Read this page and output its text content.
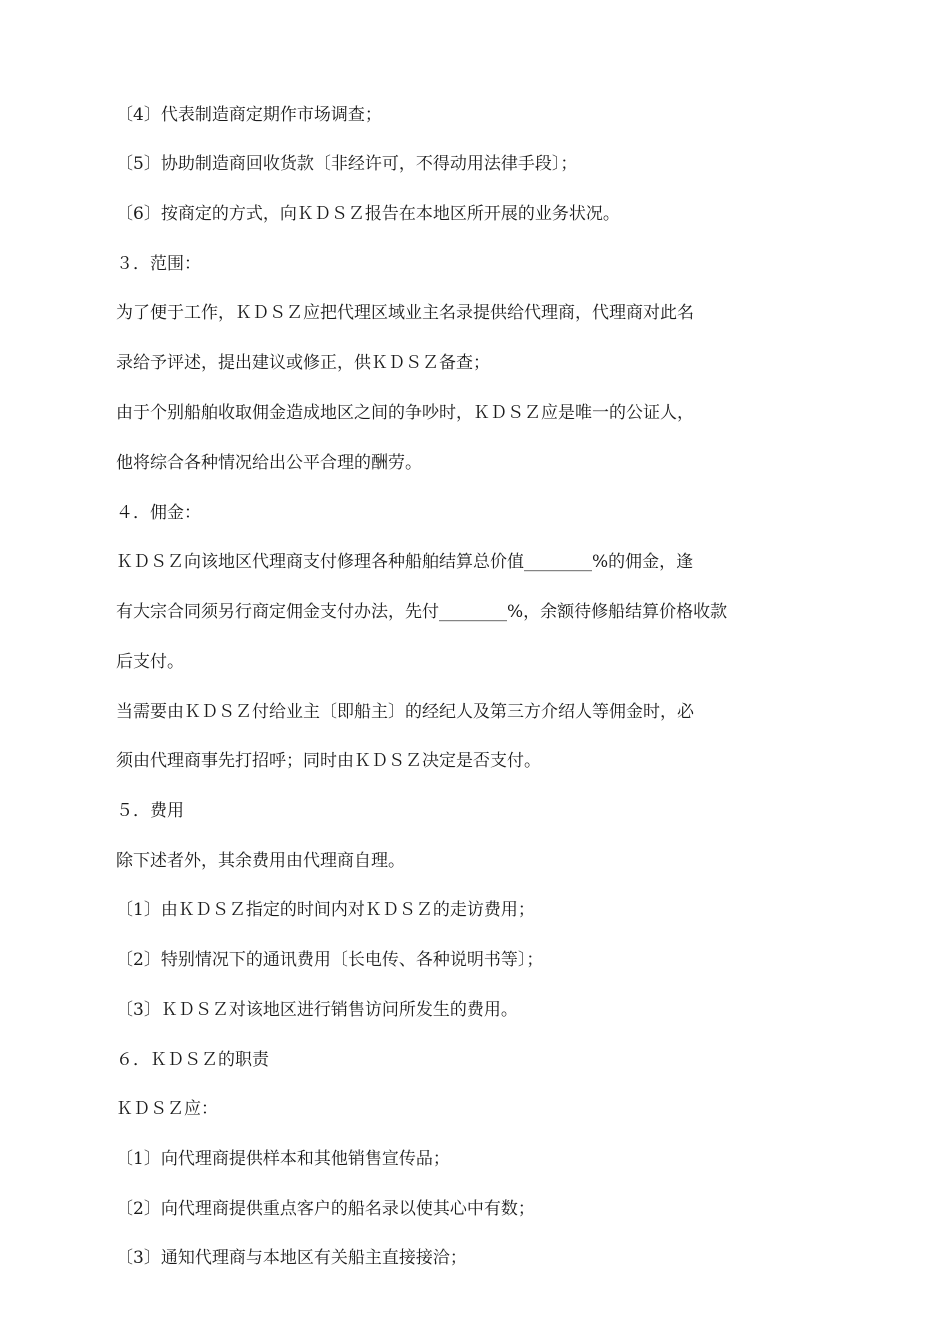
〔4〕代表制造商定期作市场调查；

〔5〕协助制造商回收货款〔非经许可，不得动用法律手段〕；

〔6〕按商定的方式，向ＫＤＳＺ报告在本地区所开展的业务状况。

３．范围：

为了便于工作，ＫＤＳＺ应把代理区域业主名录提供给代理商，代理商对此名

录给予评述，提出建议或修正，供ＫＤＳＺ备查；

由于个别船舶收取佣金造成地区之间的争吵时，ＫＤＳＺ应是唯一的公证人，

他将综合各种情况给出公平合理的酬劳。

４．佣金：

ＫＤＳＺ向该地区代理商支付修理各种船舶结算总价值________%的佣金，逢

有大宗合同须另行商定佣金支付办法，先付________%，余额待修船结算价格收款

后支付。

当需要由ＫＤＳＺ付给业主〔即船主〕的经纪人及第三方介绍人等佣金时，必

须由代理商事先打招呼；同时由ＫＤＳＺ决定是否支付。

５．费用

除下述者外，其余费用由代理商自理。

〔1〕由ＫＤＳＺ指定的时间内对ＫＤＳＺ的走访费用；

〔2〕特别情况下的通讯费用〔长电传、各种说明书等〕；

〔3〕ＫＤＳＺ对该地区进行销售访问所发生的费用。

６．ＫＤＳＺ的职责

ＫＤＳＺ应：

〔1〕向代理商提供样本和其他销售宣传品；

〔2〕向代理商提供重点客户的船名录以使其心中有数；

〔3〕通知代理商与本地区有关船主直接接洽；
